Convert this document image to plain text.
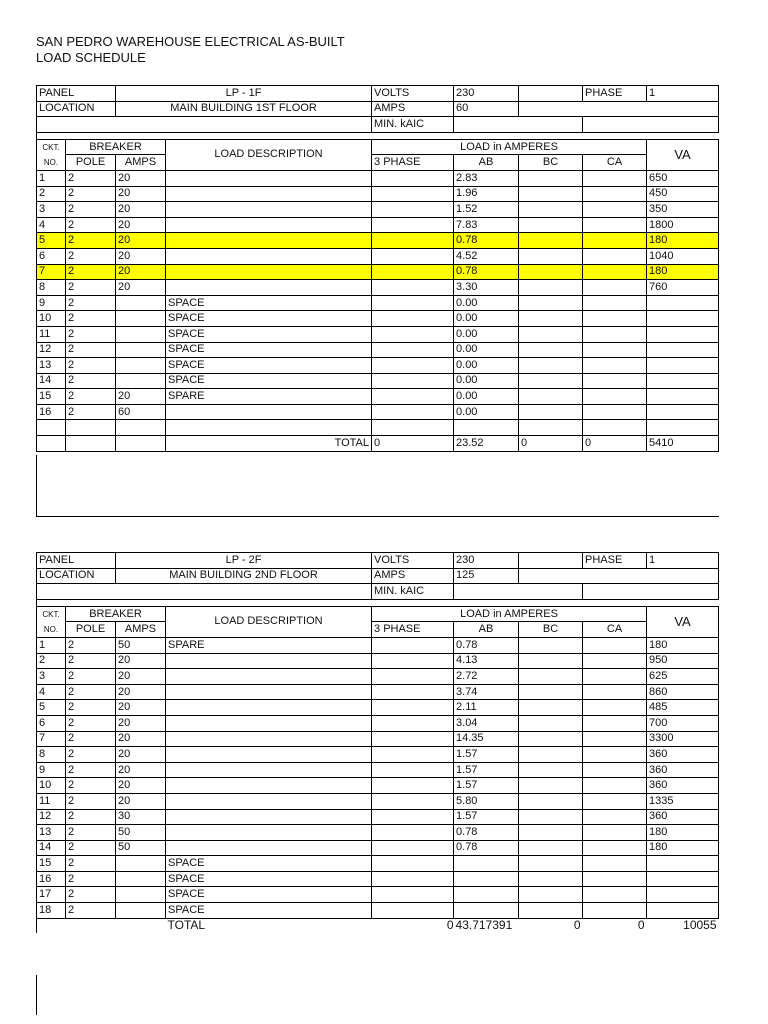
SAN PEDRO WAREHOUSE ELECTRICAL AS-BUILT
LOAD SCHEDULE
PANEL		LP - 1F		VOLTS	230		PHASE	1
LOCATION		MAIN BUILDING 1ST FLOOR		AMPS	60			
				MIN. kAIC				

CKT.	BREAKER		LOAD DESCRIPTION	LOAD in AMPERES				VA
NO.	POLE	AMPS		3 PHASE	AB	BC	CA	
1	2	20			2.83			650
2	2	20			1.96			450
3	2	20			1.52			350
4	2	20			7.83			1800
5	2	20			0.78			180
6	2	20			4.52			1040
7	2	20			0.78			180
8	2	20			3.30			760
9	2		SPACE		0.00			
10	2		SPACE		0.00			
11	2		SPACE		0.00			
12	2		SPACE		0.00			
13	2		SPACE		0.00			
14	2		SPACE		0.00			
15	2	20	SPARE		0.00			
16	2	60			0.00			

			TOTAL	0	23.52	0	0	5410
PANEL		LP - 2F		VOLTS	230		PHASE	1
LOCATION		MAIN BUILDING 2ND FLOOR		AMPS	125			
				MIN. kAIC				

CKT.	BREAKER		LOAD DESCRIPTION	LOAD in AMPERES				VA
NO.	POLE	AMPS		3 PHASE	AB	BC	CA	
1	2	50	SPARE		0.78			180
2	2	20			4.13			950
3	2	20			2.72			625
4	2	20			3.74			860
5	2	20			2.11			485
6	2	20			3.04			700
7	2	20			14.35			3300
8	2	20			1.57			360
9	2	20			1.57			360
10	2	20			1.57			360
11	2	20			5.80			1335
12	2	30			1.57			360
13	2	50			0.78			180
14	2	50			0.78			180
15	2		SPACE					
16	2		SPACE					
17	2		SPACE					
18	2		SPACE					
			TOTAL	0	43.717391	0	0	10055
